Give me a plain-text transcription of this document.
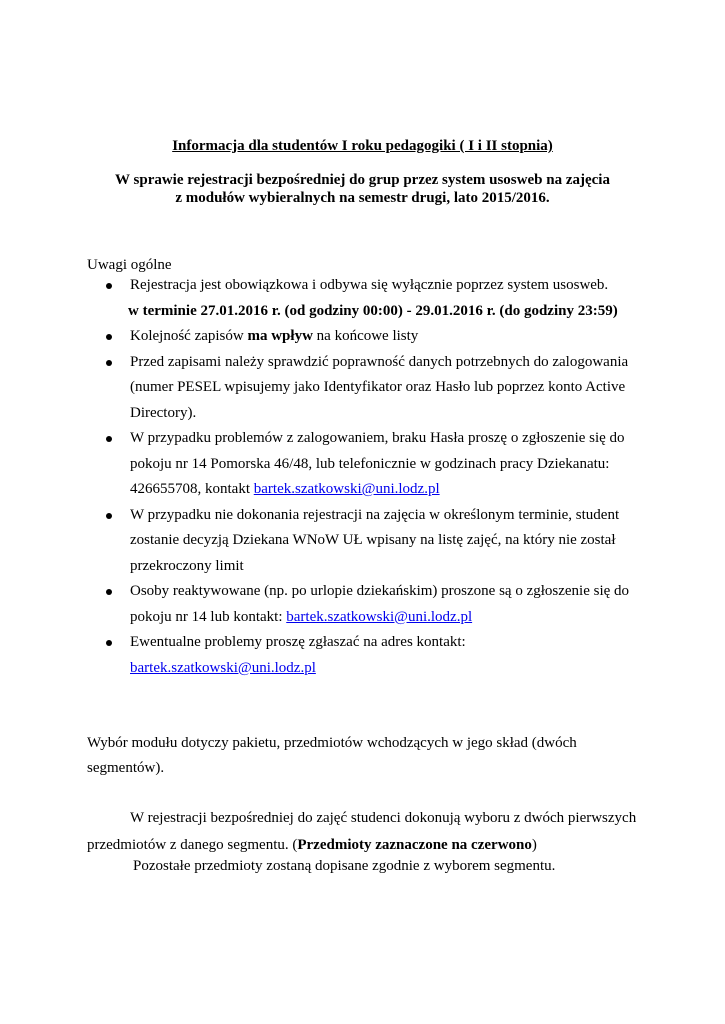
Informacja dla studentów I roku pedagogiki ( I i II stopnia)
W sprawie rejestracji bezpośredniej do grup przez system usosweb na zajęcia
z modułów wybieralnych na semestr drugi, lato 2015/2016.
Uwagi ogólne
Rejestracja jest obowiązkowa i odbywa się wyłącznie poprzez system usosweb.
w terminie 27.01.2016 r. (od godziny 00:00) - 29.01.2016 r. (do godziny 23:59)
Kolejność zapisów ma wpływ na końcowe listy
Przed zapisami należy sprawdzić poprawność danych potrzebnych do zalogowania (numer PESEL wpisujemy jako Identyfikator oraz Hasło lub poprzez konto Active Directory).
W przypadku problemów z zalogowaniem, braku Hasła proszę o zgłoszenie się do pokoju nr 14 Pomorska 46/48, lub telefonicznie w godzinach pracy Dziekanatu: 426655708, kontakt bartek.szatkowski@uni.lodz.pl
W przypadku nie dokonania rejestracji na zajęcia w określonym terminie, student zostanie decyzją Dziekana WNoW UŁ wpisany na listę zajęć, na który nie został przekroczony limit
Osoby reaktywowane (np. po urlopie dziekańskim) proszone są o zgłoszenie się do pokoju nr 14 lub kontakt: bartek.szatkowski@uni.lodz.pl
Ewentualne problemy proszę zgłaszać na adres kontakt:
bartek.szatkowski@uni.lodz.pl
Wybór modułu dotyczy pakietu, przedmiotów wchodzących w jego skład (dwóch segmentów).
W rejestracji bezpośredniej do zajęć studenci dokonują wyboru z dwóch pierwszych przedmiotów z danego segmentu. (Przedmioty zaznaczone na czerwono)
Pozostałe przedmioty zostaną dopisane zgodnie z wyborem segmentu.
